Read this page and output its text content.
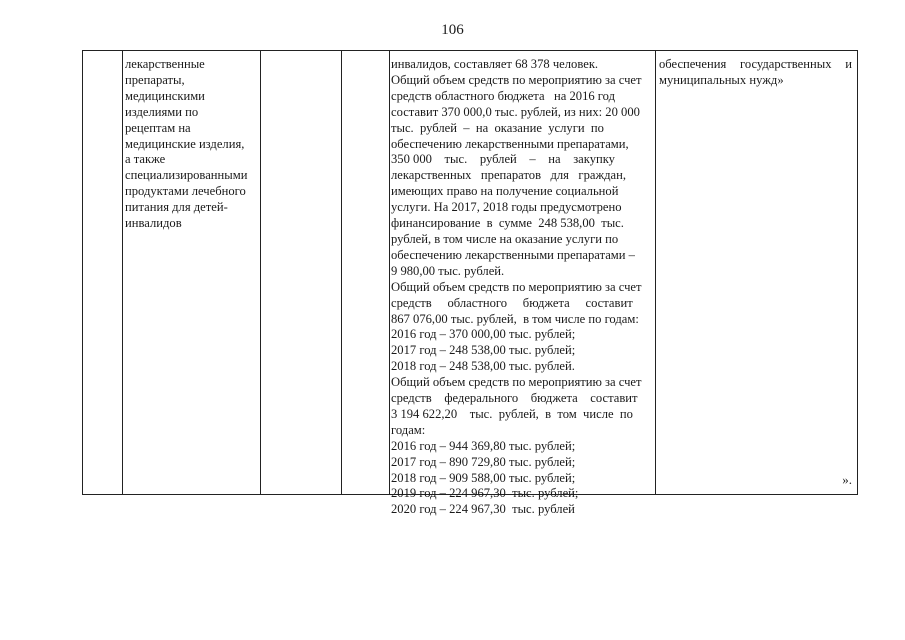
106
лекарственные
препараты,
медицинскими
изделиями по
рецептам на
медицинские изделия,
а также
специализированными
продуктами лечебного
питания для детей-
инвалидов
инвалидов, составляет 68 378 человек.
Общий объем средств по мероприятию за счет
средств областного бюджета   на 2016 год
составит 370 000,0 тыс. рублей, из них: 20 000
тыс.  рублей  –  на  оказание  услуги  по
обеспечению лекарственными препаратами,
350 000    тыс.    рублей    –    на    закупку
лекарственных   препаратов   для   граждан,
имеющих право на получение социальной
услуги. На 2017, 2018 годы предусмотрено
финансирование  в  сумме  248 538,00  тыс.
рублей, в том числе на оказание услуги по
обеспечению лекарственными препаратами –
9 980,00 тыс. рублей.
Общий объем средств по мероприятию за счет
средств     областного     бюджета     составит
867 076,00 тыс. рублей,  в том числе по годам:
2016 год – 370 000,00 тыс. рублей;
2017 год – 248 538,00 тыс. рублей;
2018 год – 248 538,00 тыс. рублей.
Общий объем средств по мероприятию за счет
средств    федерального    бюджета    составит
3 194 622,20    тыс.  рублей,  в  том  числе  по
годам:
2016 год – 944 369,80 тыс. рублей;
2017 год – 890 729,80 тыс. рублей;
2018 год – 909 588,00 тыс. рублей;
2019 год – 224 967,30  тыс. рублей;
2020 год – 224 967,30  тыс. рублей
обеспечения государственных и муниципальных нужд»
».
